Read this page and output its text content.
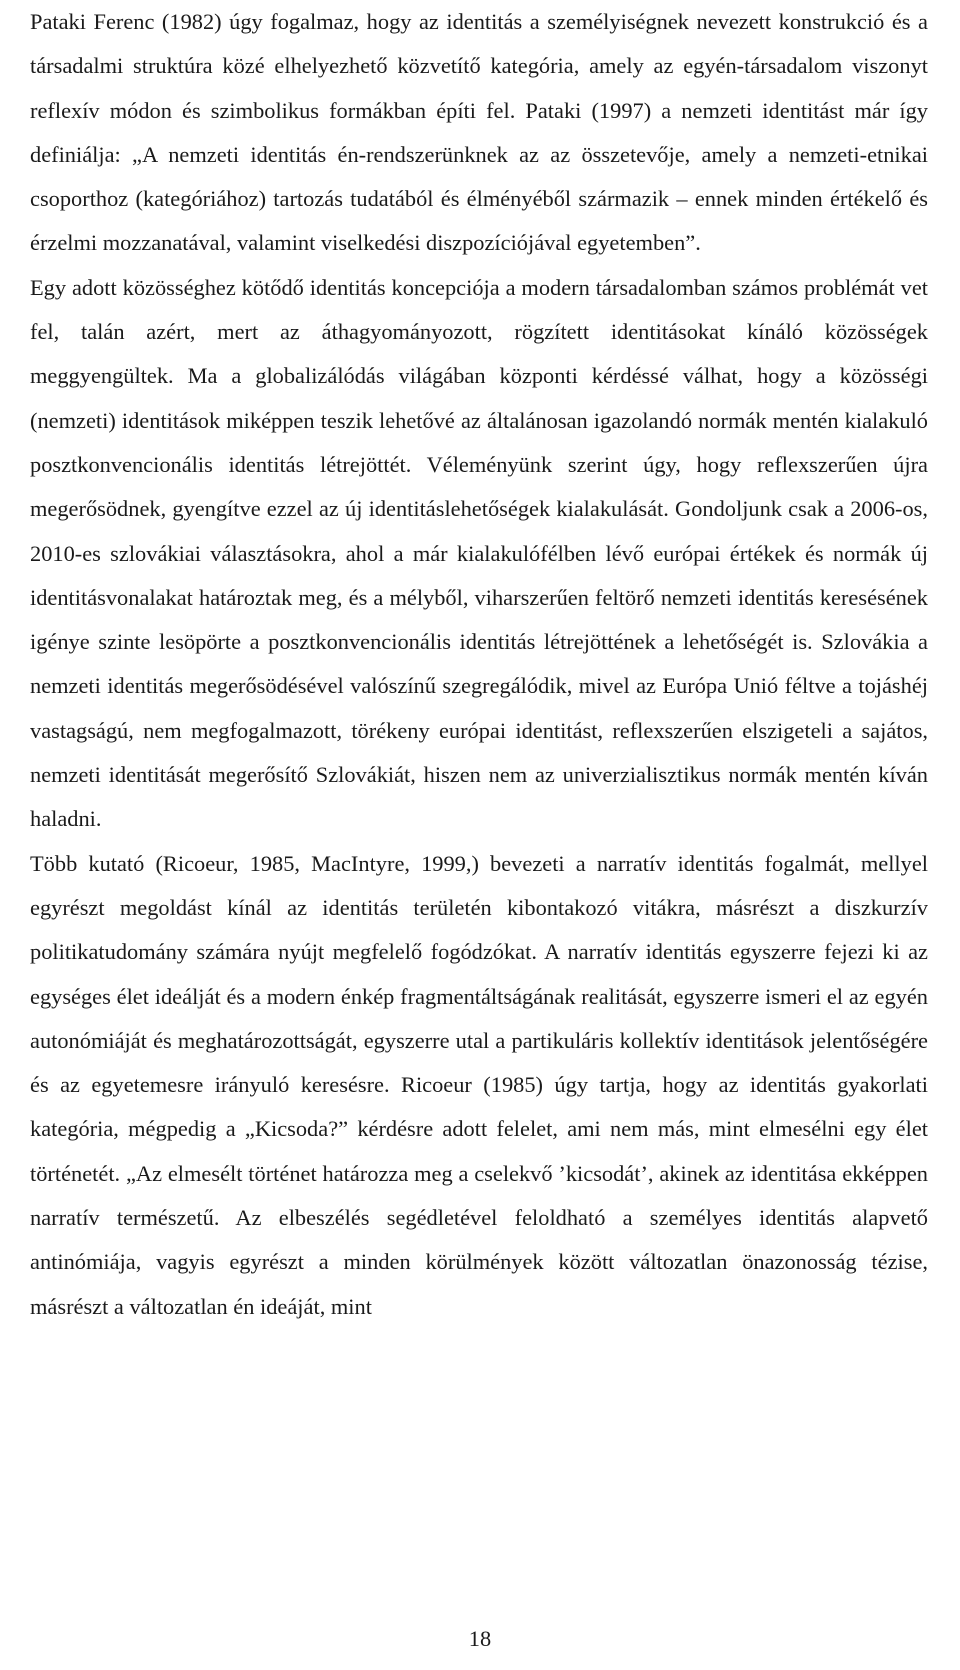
Pataki Ferenc (1982) úgy fogalmaz, hogy az identitás a személyiségnek nevezett konstrukció és a társadalmi struktúra közé elhelyezhető közvetítő kategória, amely az egyén-társadalom viszonyt reflexív módon és szimbolikus formákban építi fel. Pataki (1997) a nemzeti identitást már így definiálja: „A nemzeti identitás én-rendszerünknek az az összetevője, amely a nemzeti-etnikai csoporthoz (kategóriához) tartozás tudatából és élményéből származik – ennek minden értékelő és érzelmi mozzanatával, valamint viselkedési diszpozíciójával egyetemben”.

Egy adott közösséghez kötődő identitás koncepciója a modern társadalomban számos problémát vet fel, talán azért, mert az áthagyományozott, rögzített identitásokat kínáló közösségek meggyengültek. Ma a globalizálódás világában központi kérdéssé válhat, hogy a közösségi (nemzeti) identitások miképpen teszik lehetővé az általánosan igazolandó normák mentén kialakuló posztkonvencionális identitás létrejöttét. Véleményünk szerint úgy, hogy reflexszerűen újra megerősödnek, gyengítve ezzel az új identitáslehetőségek kialakulását. Gondoljunk csak a 2006-os, 2010-es szlovákiai választásokra, ahol a már kialakulófélben lévő európai értékek és normák új identitásvonalakat határoztak meg, és a mélyből, viharszerűen feltörő nemzeti identitás keresésének igénye szinte lesöpörte a posztkonvencionális identitás létrejöttének a lehetőségét is. Szlovákia a nemzeti identitás megerősödésével valószínű szegregálódik, mivel az Európa Unió féltve a tojáshéj vastagságú, nem megfogalmazott, törékeny európai identitást, reflexszerűen elszigeteli a sajátos, nemzeti identitását megerősítő Szlovákiát, hiszen nem az univerzialisztikus normák mentén kíván haladni.

Több kutató (Ricoeur, 1985, MacIntyre, 1999,) bevezeti a narratív identitás fogalmát, mellyel egyrészt megoldást kínál az identitás területén kibontakozó vitákra, másrészt a diszkurzív politikatudomány számára nyújt megfelelő fogódzókat. A narratív identitás egyszerre fejezi ki az egységes élet ideálját és a modern énkép fragmentáltságának realitását, egyszerre ismeri el az egyén autonómiáját és meghatározottságát, egyszerre utal a partikuláris kollektív identitások jelentőségére és az egyetemesre irányuló keresésre. Ricoeur (1985) úgy tartja, hogy az identitás gyakorlati kategória, mégpedig a „Kicsoda?” kérdésre adott felelet, ami nem más, mint elmesélni egy élet történetét. „Az elmesélt történet határozza meg a cselekvő ’kicsodát’, akinek az identitása ekképpen narratív természetű. Az elbeszélés segédletével feloldható a személyes identitás alapvető antinómiája, vagyis egyrészt a minden körülmények között változatlan önazonosság tézise, másrészt a változatlan én ideáját, mint

18
